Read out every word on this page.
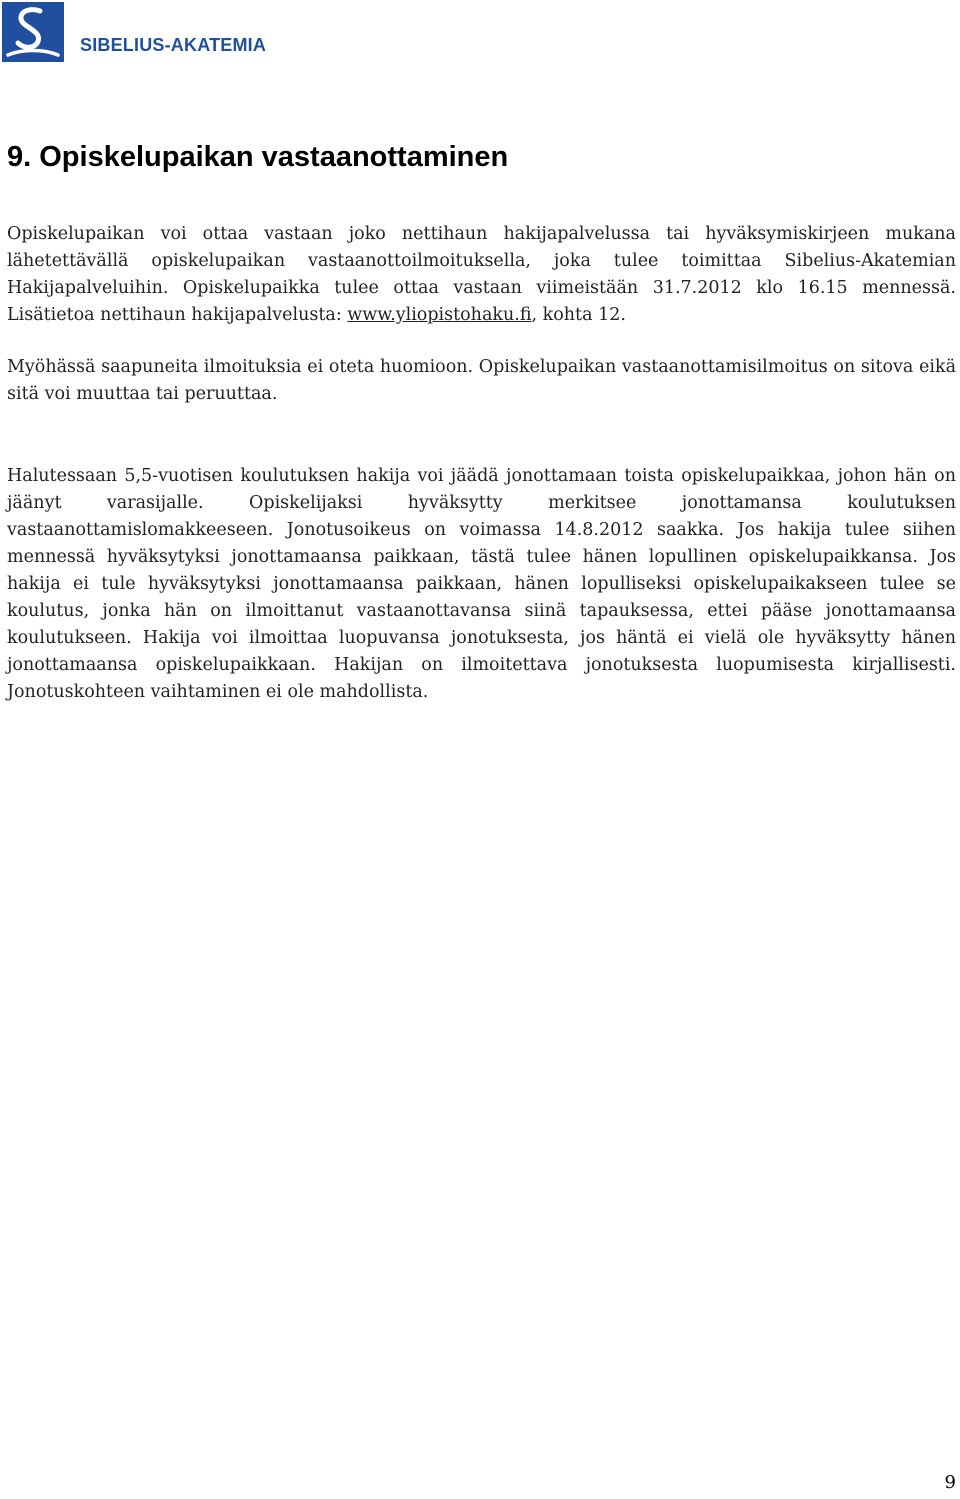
SIBELIUS-AKATEMIA
9. Opiskelupaikan vastaanottaminen

Opiskelupaikan voi ottaa vastaan joko nettihaun hakijapalvelussa tai hyväksymiskirjeen mukana lähetettävällä opiskelupaikan vastaanottoilmoituksella, joka tulee toimittaa Sibelius-Akatemian Hakijapalveluihin. Opiskelupaikka tulee ottaa vastaan viimeistään 31.7.2012 klo 16.15 mennessä. Lisätietoa nettihaun hakijapalvelusta: www.yliopistohaku.fi, kohta 12.

Myöhässä saapuneita ilmoituksia ei oteta huomioon. Opiskelupaikan vastaanottamisilmoitus on sitova eikä sitä voi muuttaa tai peruuttaa.

Halutessaan 5,5-vuotisen koulutuksen hakija voi jäädä jonottamaan toista opiskelupaikkaa, johon hän on jäänyt varasijalle. Opiskelijaksi hyväksytty merkitsee jonottamansa koulutuksen vastaanottamislomakkeeseen. Jonotusoikeus on voimassa 14.8.2012 saakka. Jos hakija tulee siihen mennessä hyväksytyksi jonottamaansa paikkaan, tästä tulee hänen lopullinen opiskelupaikkansa. Jos hakija ei tule hyväksytyksi jonottamaansa paikkaan, hänen lopulliseksi opiskelupaikakseen tulee se koulutus, jonka hän on ilmoittanut vastaanottavansa siinä tapauksessa, ettei pääse jonottamaansa koulutukseen. Hakija voi ilmoittaa luopuvansa jonotuksesta, jos häntä ei vielä ole hyväksytty hänen jonottamaansa opiskelupaikkaan. Hakijan on ilmoitettava jonotuksesta luopumisesta kirjallisesti. Jonotuskohteen vaihtaminen ei ole mahdollista.

9
